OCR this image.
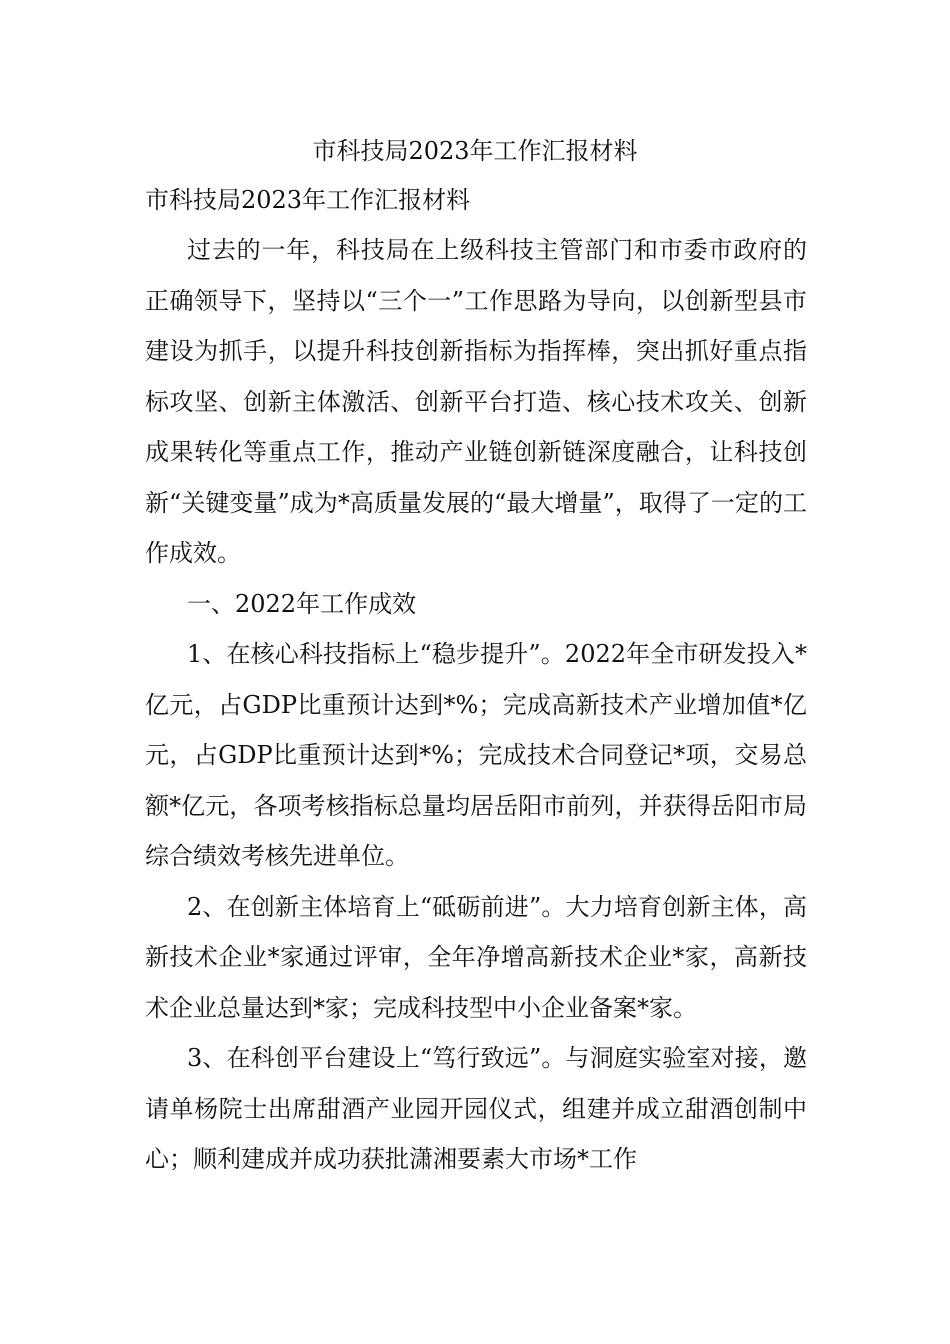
市科技局2023年工作汇报材料
市科技局2023年工作汇报材料

过去的一年，科技局在上级科技主管部门和市委市政府的正确领导下，坚持以“三个一”工作思路为导向，以创新型县市建设为抓手，以提升科技创新指标为指挥棒，突出抓好重点指标攻坚、创新主体激活、创新平台打造、核心技术攻关、创新成果转化等重点工作，推动产业链创新链深度融合，让科技创新“关键变量”成为*高质量发展的“最大增量”，取得了一定的工作成效。

一、2022年工作成效

1、在核心科技指标上“稳步提升”。2022年全市研发投入*亿元，占GDP比重预计达到*%；完成高新技术产业增加值*亿元，占GDP比重预计达到*%；完成技术合同登记*项，交易总额*亿元，各项考核指标总量均居岳阳市前列，并获得岳阳市局综合绩效考核先进单位。

2、在创新主体培育上“砥砺前进”。大力培育创新主体，高新技术企业*家通过评审，全年净增高新技术企业*家，高新技术企业总量达到*家；完成科技型中小企业备案*家。

3、在科创平台建设上“笃行致远”。与洞庭实验室对接，邀请单杨院士出席甜酒产业园开园仪式，组建并成立甜酒创制中心；顺利建成并成功获批潇湘要素大市场*工作
